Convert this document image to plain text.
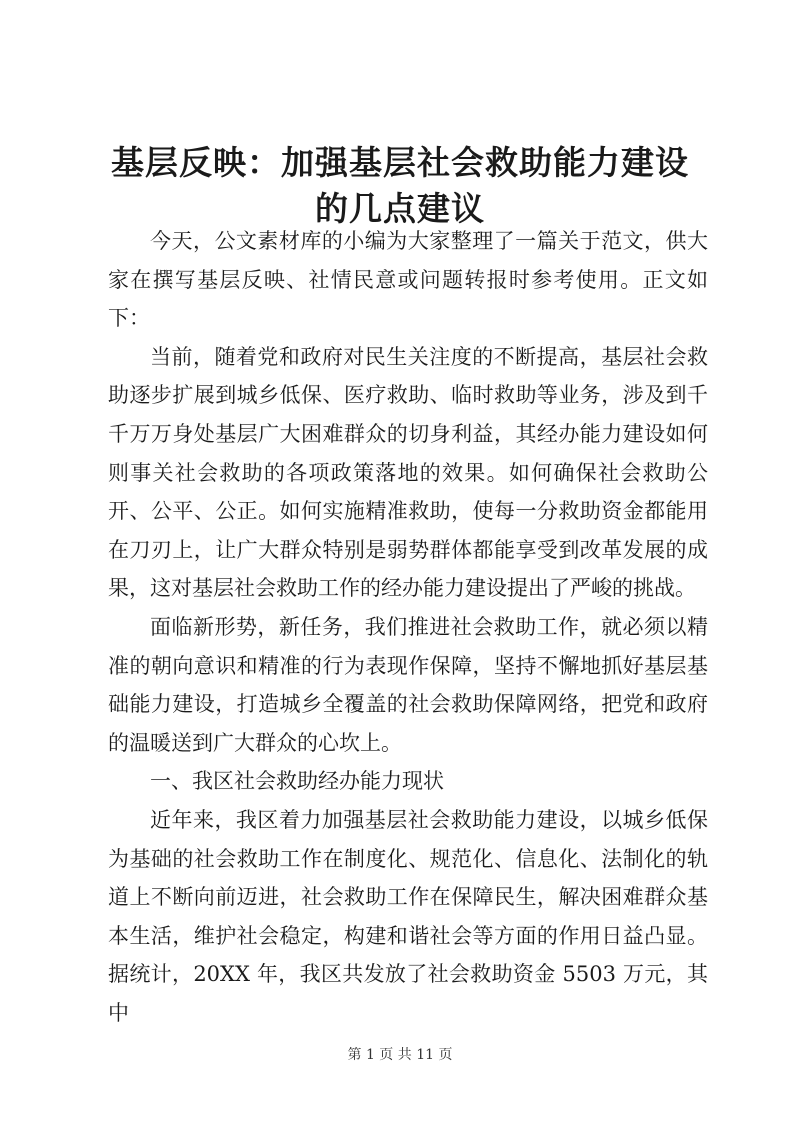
基层反映：加强基层社会救助能力建设的几点建议

今天，公文素材库的小编为大家整理了一篇关于范文，供大家在撰写基层反映、社情民意或问题转报时参考使用。正文如下：

当前，随着党和政府对民生关注度的不断提高，基层社会救助逐步扩展到城乡低保、医疗救助、临时救助等业务，涉及到千千万万身处基层广大困难群众的切身利益，其经办能力建设如何则事关社会救助的各项政策落地的效果。如何确保社会救助公开、公平、公正。如何实施精准救助，使每一分救助资金都能用在刀刃上，让广大群众特别是弱势群体都能享受到改革发展的成果，这对基层社会救助工作的经办能力建设提出了严峻的挑战。

面临新形势，新任务，我们推进社会救助工作，就必须以精准的朝向意识和精准的行为表现作保障，坚持不懈地抓好基层基础能力建设，打造城乡全覆盖的社会救助保障网络，把党和政府的温暖送到广大群众的心坎上。

一、我区社会救助经办能力现状

近年来，我区着力加强基层社会救助能力建设，以城乡低保为基础的社会救助工作在制度化、规范化、信息化、法制化的轨道上不断向前迈进，社会救助工作在保障民生，解决困难群众基本生活，维护社会稳定，构建和谐社会等方面的作用日益凸显。据统计，20XX 年，我区共发放了社会救助资金 5503 万元，其中

第 1 页 共 11 页
